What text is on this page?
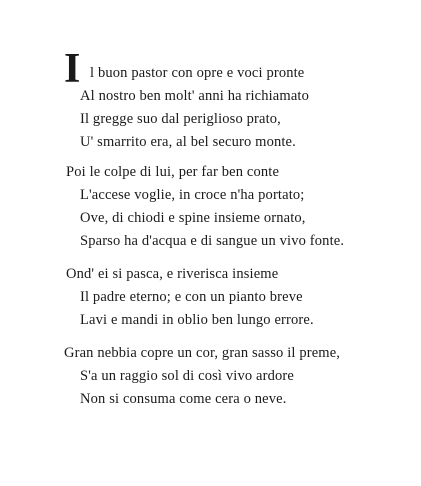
I l buon pastor con opre e voci pronte
Al nostro ben molt' anni ha richiamato
Il gregge suo dal periglioso prato,
U' smarrito era, al bel securo monte.
Poi le colpe di lui, per far ben conte
L'accese voglie, in croce n'ha portato;
Ove, di chiodi e spine insieme ornato,
Sparso ha d'acqua e di sangue un vivo fonte.
Ond' ei si pasca, e riverisca insieme
Il padre eterno; e con un pianto breve
Lavi e mandi in oblio ben lungo errore.
Gran nebbia copre un cor, gran sasso il preme,
S'a un raggio sol di così vivo ardore
Non si consuma come cera o neve.
